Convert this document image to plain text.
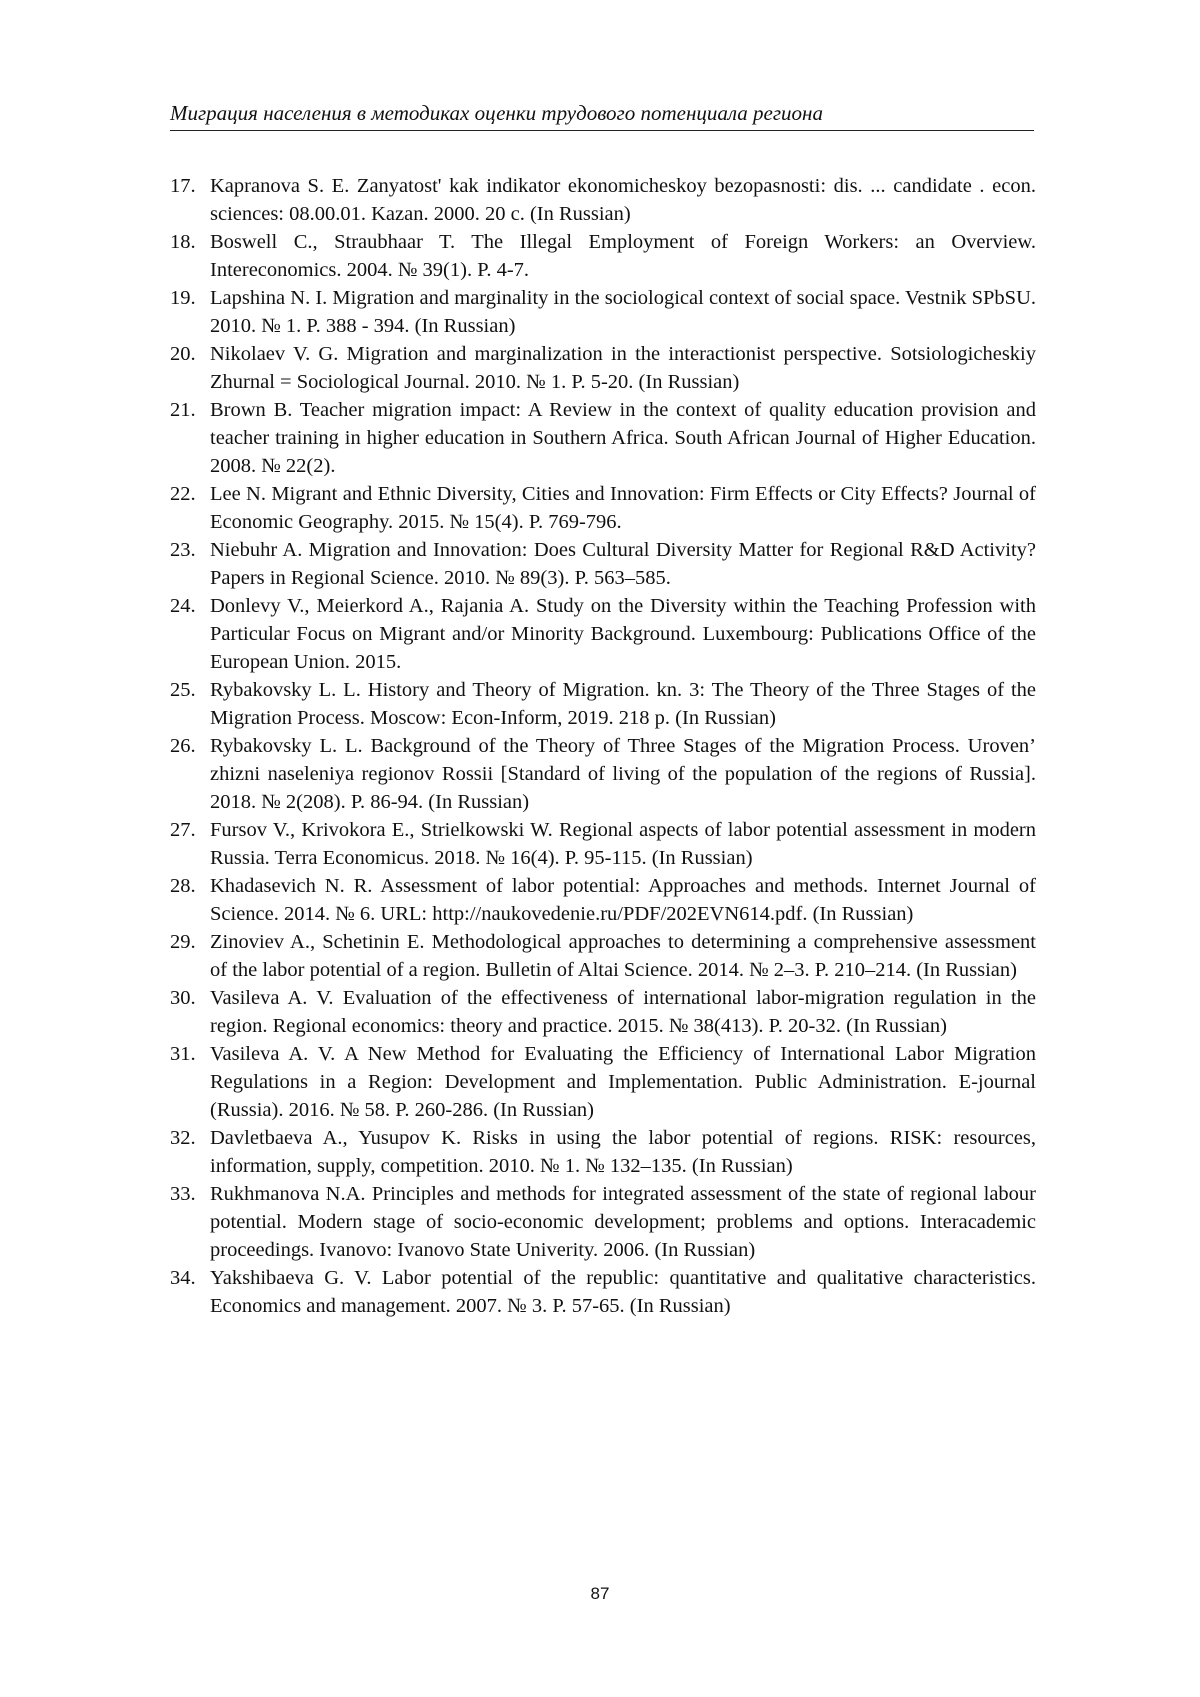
Миграция населения в методиках оценки трудового потенциала региона
17. Kapranova S. E. Zanyatost' kak indikator ekonomicheskoy bezopasnosti: dis. ... candidate . econ. sciences: 08.00.01. Kazan. 2000. 20 c. (In Russian)
18. Boswell C., Straubhaar T. The Illegal Employment of Foreign Workers: an Overview. Intereconomics. 2004. № 39(1). P. 4-7.
19. Lapshina N. I. Migration and marginality in the sociological context of social space. Vestnik SPbSU. 2010. № 1. P. 388 - 394. (In Russian)
20. Nikolaev V. G. Migration and marginalization in the interactionist perspective. Sotsiologicheskiy Zhurnal = Sociological Journal. 2010. № 1. P. 5-20. (In Russian)
21. Brown B. Teacher migration impact: A Review in the context of quality education provision and teacher training in higher education in Southern Africa. South African Journal of Higher Education. 2008. № 22(2).
22. Lee N. Migrant and Ethnic Diversity, Cities and Innovation: Firm Effects or City Effects? Journal of Economic Geography. 2015. № 15(4). P. 769-796.
23. Niebuhr A. Migration and Innovation: Does Cultural Diversity Matter for Regional R&D Activity? Papers in Regional Science. 2010. № 89(3). P. 563–585.
24. Donlevy V., Meierkord A., Rajania A. Study on the Diversity within the Teaching Profession with Particular Focus on Migrant and/or Minority Background. Luxembourg: Publications Office of the European Union. 2015.
25. Rybakovsky L. L. History and Theory of Migration. kn. 3: The Theory of the Three Stages of the Migration Process. Moscow: Econ-Inform, 2019. 218 p. (In Russian)
26. Rybakovsky L. L. Background of the Theory of Three Stages of the Migration Process. Uroven’ zhizni naseleniya regionov Rossii [Standard of living of the population of the regions of Russia]. 2018. № 2(208). P. 86-94. (In Russian)
27. Fursov V., Krivokora E., Strielkowski W. Regional aspects of labor potential assessment in modern Russia. Terra Economicus. 2018. № 16(4). P. 95-115. (In Russian)
28. Khadasevich N. R. Assessment of labor potential: Approaches and methods. Internet Journal of Science. 2014. № 6. URL: http://naukovedenie.ru/PDF/202EVN614.pdf. (In Russian)
29. Zinoviev A., Schetinin E. Methodological approaches to determining a comprehensive assessment of the labor potential of a region. Bulletin of Altai Science. 2014. № 2–3. P. 210–214. (In Russian)
30. Vasileva A. V. Evaluation of the effectiveness of international labor-migration regulation in the region. Regional economics: theory and practice. 2015. № 38(413). P. 20-32. (In Russian)
31. Vasileva A. V. A New Method for Evaluating the Efficiency of International Labor Migration Regulations in a Region: Development and Implementation. Public Administration. E-journal (Russia). 2016. № 58. P. 260-286. (In Russian)
32. Davletbaeva A., Yusupov K. Risks in using the labor potential of regions. RISK: resources, information, supply, competition. 2010. № 1. № 132–135. (In Russian)
33. Rukhmanova N.A. Principles and methods for integrated assessment of the state of regional labour potential. Modern stage of socio-economic development; problems and options. Interacademic proceedings. Ivanovo: Ivanovo State Univerity. 2006. (In Russian)
34. Yakshibaeva G. V. Labor potential of the republic: quantitative and qualitative characteristics. Economics and management. 2007. № 3. P. 57-65. (In Russian)
87
